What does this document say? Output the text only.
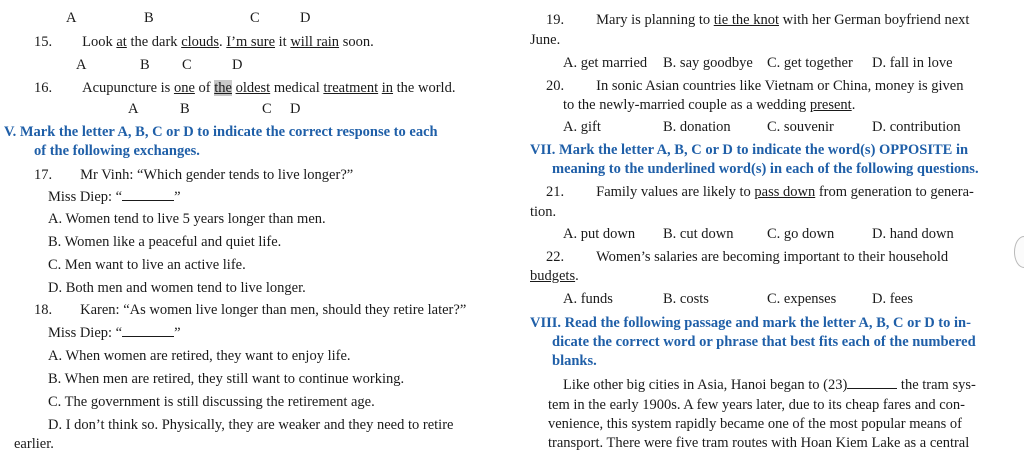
A	B	C	D
15. Look at the dark clouds. I’m sure it will rain soon.
A	B C	D
16. Acupuncture is one of the oldest medical treatment in the world.
A	B	C D
V. Mark the letter A, B, C or D to indicate the correct response to each
of the following exchanges.
17. Mr Vinh: “Which gender tends to live longer?”
Miss Diep: “	”
A. Women tend to live 5 years longer than men.
B. Women like a peaceful and quiet life.
C. Men want to live an active life.
D. Both men and women tend to live longer.
18. Karen: “As women live longer than men, should they retire later?”
Miss Diep: “	”
A. When women are retired, they want to enjoy life.
B. When men are retired, they still want to continue working.
C. The government is still discussing the retirement age.
D. I don’t think so. Physically, they are weaker and they need to retire
earlier.
19. Mary is planning to tie the knot with her German boyfriend next
June.
A. get married B. say goodbye C. get together D. fall in love
20. In sonic Asian countries like Vietnam or China, money is given
to the newly-married couple as a wedding present.
A. gift	B. donation	C. souvenir	D. contribution
VII. Mark the letter A, B, C or D to indicate the word(s) OPPOSITE in
meaning to the underlined word(s) in each of the following questions.
21. Family values are likely to pass down from generation to genera-
tion.
A. put down B. cut down C. go down	D. hand down
22. Women’s salaries are becoming important to their household
budgets.
A. funds	B. costs	C. expenses D. fees
VIII. Read the following passage and mark the letter A, B, C or D to in-
dicate the correct word or phrase that best fits each of the numbered
blanks.
Like other big cities in Asia, Hanoi began to (23)	the tram sys-
tem in the early 1900s. A few years later, due to its cheap fares and con-
venience, this system rapidly became one of the most popular means of
transport. There were five tram routes with Hoan Kiem Lake as a central
